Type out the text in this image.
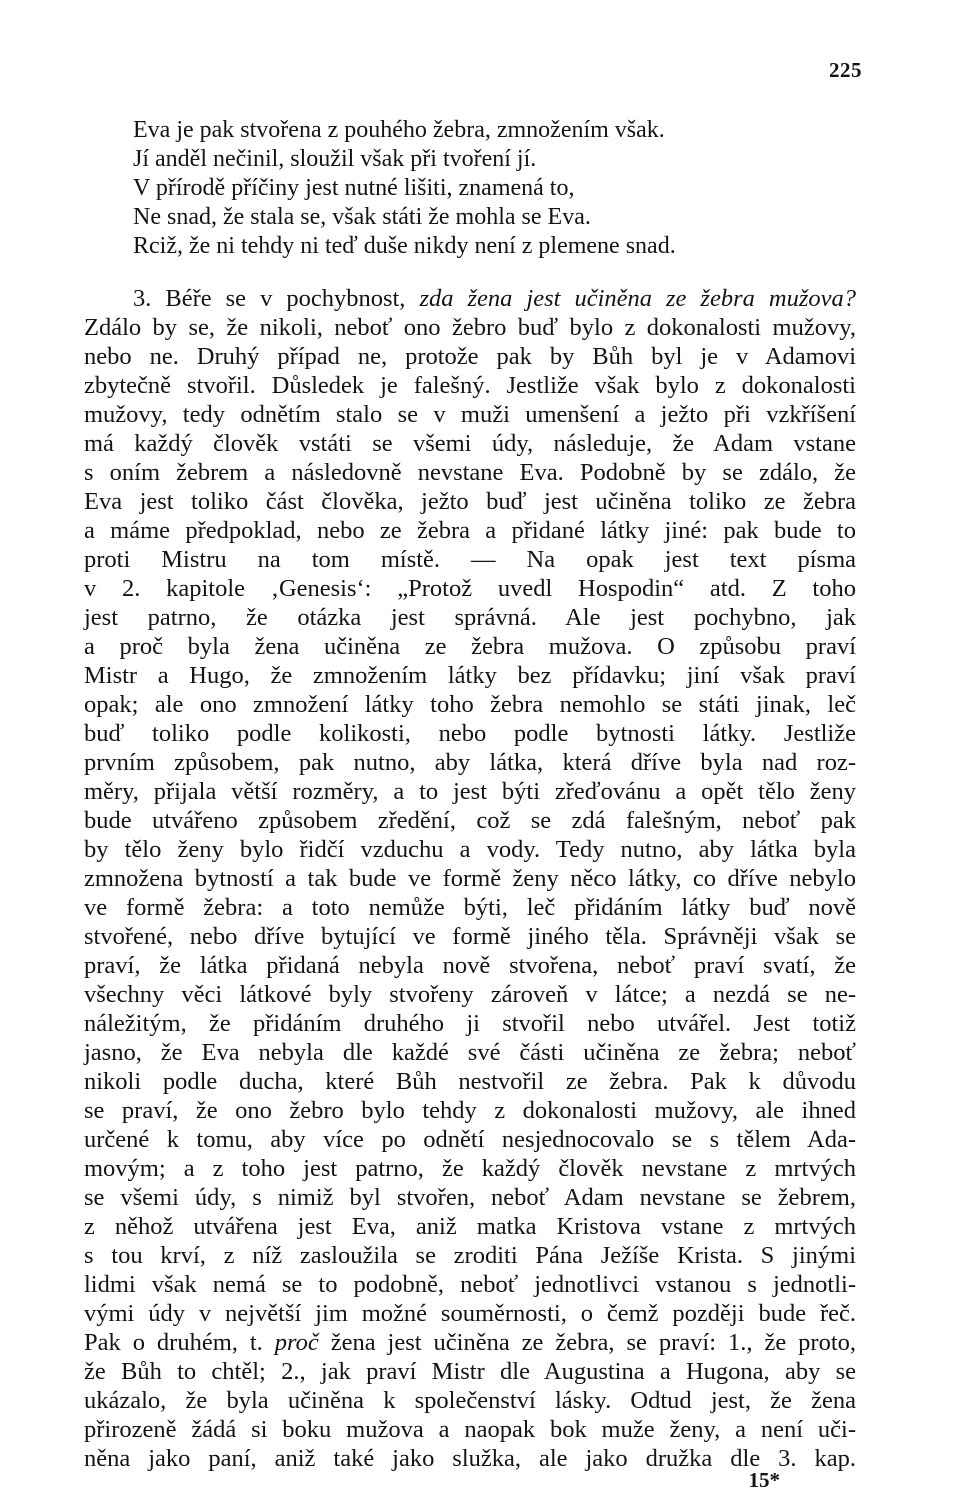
225
Eva je pak stvořena z pouhého žebra, zmnožením však.
Jí anděl nečinil, sloužil však při tvoření jí.
V přírodě příčiny jest nutné lišiti, znamená to,
Ne snad, že stala se, však státi že mohla se Eva.
Rciž, že ni tehdy ni teď duše nikdy není z plemene snad.
3. Béře se v pochybnost, zda žena jest učiněna ze žebra mužova?
Zdálo by se, že nikoli, neboť ono žebro buď bylo z dokonalosti mužovy,
nebo ne. Druhý případ ne, protože pak by Bůh byl je v Adamovi
zbytečně stvořil. Důsledek je falešný. Jestliže však bylo z dokonalosti
mužovy, tedy odnětím stalo se v muži umenšení a ježto při vzkříšení
má každý člověk vstáti se všemi údy, následuje, že Adam vstane
s oním žebrem a následovně nevstane Eva. Podobně by se zdálo, že
Eva jest toliko část člověka, ježto buď jest učiněna toliko ze žebra
a máme předpoklad, nebo ze žebra a přidané látky jiné: pak bude to
proti Mistru na tom místě. — Na opak jest text písma
v 2. kapitole ‚Genesis‘: „Protož uvedl Hospodin“ atd. Z toho
jest patrno, že otázka jest správná. Ale jest pochybno, jak
a proč byla žena učiněna ze žebra mužova. O způsobu praví
Mistr a Hugo, že zmnožením látky bez přídavku; jiní však praví
opak; ale ono zmnožení látky toho žebra nemohlo se státi jinak, leč
buď toliko podle kolikosti, nebo podle bytnosti látky. Jestliže
prvním způsobem, pak nutno, aby látka, která dříve byla nad roz-
měry, přijala větší rozměry, a to jest býti zřeďovánu a opět tělo ženy
bude utvářeno způsobem zředění, což se zdá falešným, neboť pak
by tělo ženy bylo řidčí vzduchu a vody. Tedy nutno, aby látka byla
zmnožena bytností a tak bude ve formě ženy něco látky, co dříve nebylo
ve formě žebra: a toto nemůže býti, leč přidáním látky buď nově
stvořené, nebo dříve bytující ve formě jiného těla. Správněji však se
praví, že látka přidaná nebyla nově stvořena, neboť praví svatí, že
všechny věci látkové byly stvořeny zároveň v látce; a nezdá se ne-
náležitým, že přidáním druhého ji stvořil nebo utvářel. Jest totiž
jasno, že Eva nebyla dle každé své části učiněna ze žebra; neboť
nikoli podle ducha, které Bůh nestvořil ze žebra. Pak k důvodu
se praví, že ono žebro bylo tehdy z dokonalosti mužovy, ale ihned
určené k tomu, aby více po odnětí nesjednocovalo se s tělem Ada-
movým; a z toho jest patrno, že každý člověk nevstane z mrtvých
se všemi údy, s nimiž byl stvořen, neboť Adam nevstane se žebrem,
z něhož utvářena jest Eva, aniž matka Kristova vstane z mrtvých
s tou krví, z níž zasloužila se zroditi Pána Ježíše Krista. S jinými
lidmi však nemá se to podobně, neboť jednotlivci vstanou s jednotli-
vými údy v největší jim možné souměrnosti, o čemž později bude řeč.
Pak o druhém, t. proč žena jest učiněna ze žebra, se praví: 1., že proto,
že Bůh to chtěl; 2., jak praví Mistr dle Augustina a Hugona, aby se
ukázalo, že byla učiněna k společenství lásky. Odtud jest, že žena
přirozeně žádá si boku mužova a naopak bok muže ženy, a není uči-
něna jako paní, aniž také jako služka, ale jako družka dle 3. kap.
15*
